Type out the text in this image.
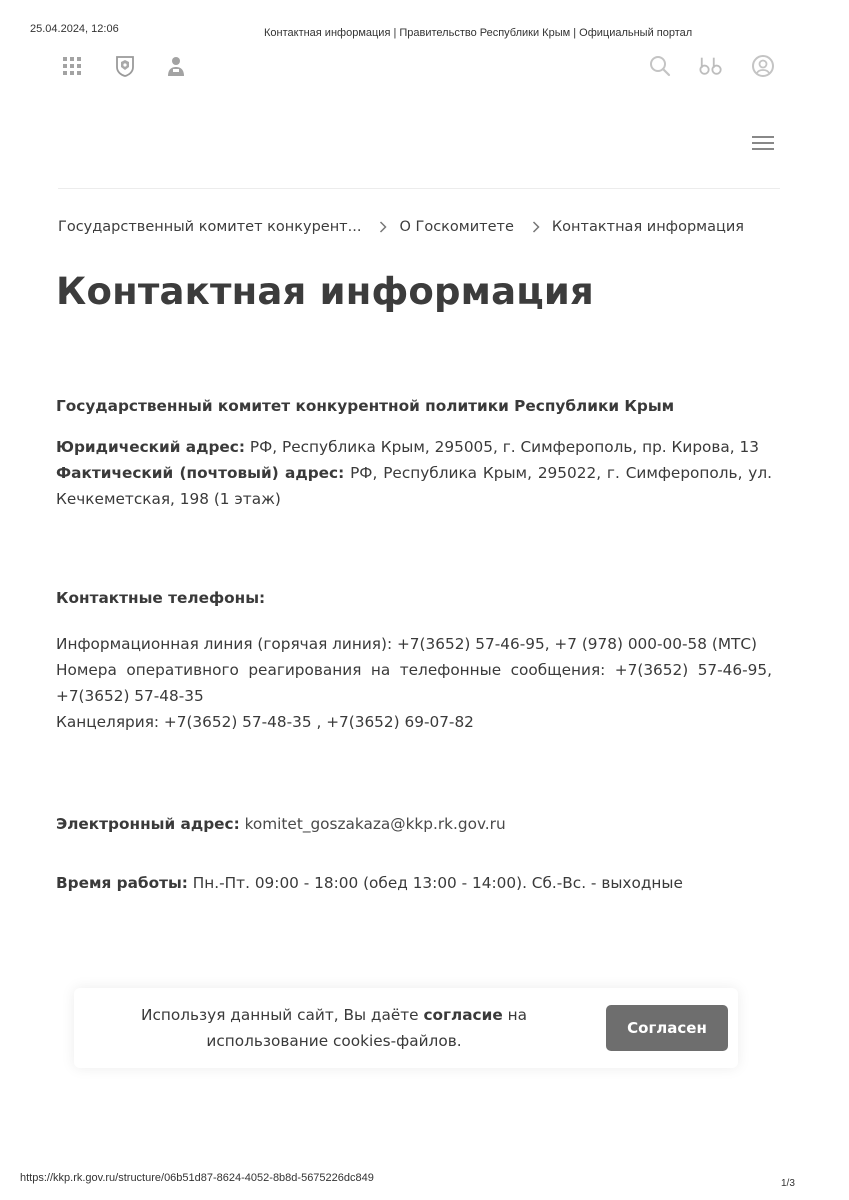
25.04.2024, 12:06	Контактная информация | Правительство Республики Крым | Официальный портал
Государственный комитет конкурент...	О Госкомитете	Контактная информация
Контактная информация

Государственный комитет конкурентной политики Республики Крым

Юридический адрес: РФ, Республика Крым, 295005, г. Симферополь, пр. Кирова, 13

Фактический (почтовый) адрес: РФ, Республика Крым, 295022, г. Симферополь, ул. Кечкеметская, 198 (1 этаж)

Контактные телефоны:

Информационная линия (горячая линия): +7(3652) 57-46-95, +7 (978) 000-00-58 (МТС)

Номера оперативного реагирования на телефонные сообщения: +7(3652) 57-46-95, +7(3652) 57-48-35

Канцелярия: +7(3652) 57-48-35 , +7(3652) 69-07-82

Электронный адрес: komitet_goszakaza@kkp.rk.gov.ru

Время работы: Пн.-Пт. 09:00 - 18:00 (обед 13:00 - 14:00). Сб.-Вс. - выходные

Используя данный сайт, Вы даёте согласие на использование cookies-файлов.
Согласен
https://kkp.rk.gov.ru/structure/06b51d87-8624-4052-8b8d-5675226dc849	1/3
